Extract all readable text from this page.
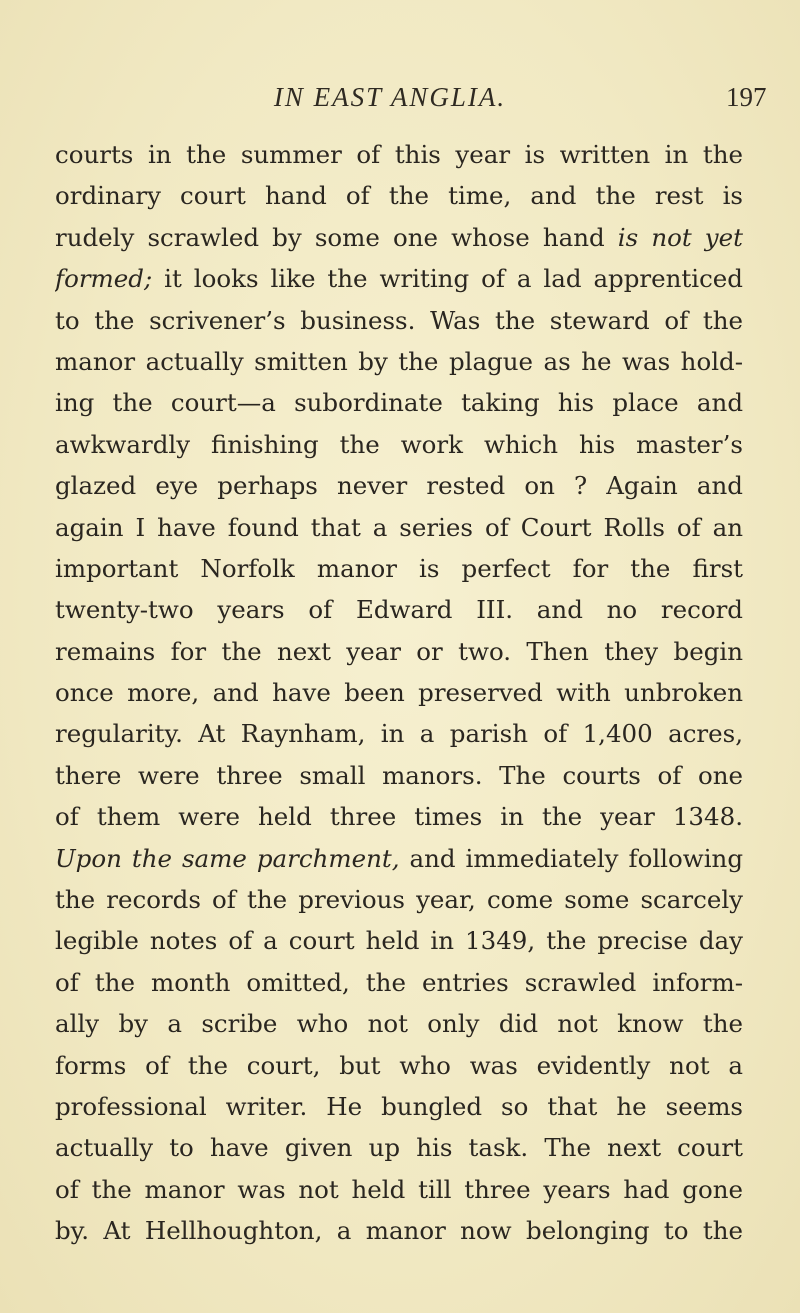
IN EAST ANGLIA.	197
courts in the summer of this year is written in the
ordinary court hand of the time, and the rest is
rudely scrawled by some one whose hand is not yet
formed; it looks like the writing of a lad apprenticed
to the scrivener’s business. Was the steward of the
manor actually smitten by the plague as he was hold-
ing the court—a subordinate taking his place and
awkwardly finishing the work which his master’s
glazed eye perhaps never rested on ? Again and
again I have found that a series of Court Rolls of an
important Norfolk manor is perfect for the first
twenty-two years of Edward III. and no record
remains for the next year or two. Then they begin
once more, and have been preserved with unbroken
regularity. At Raynham, in a parish of 1,400 acres,
there were three small manors. The courts of one
of them were held three times in the year 1348.
Upon the same parchment, and immediately following
the records of the previous year, come some scarcely
legible notes of a court held in 1349, the precise day
of the month omitted, the entries scrawled inform-
ally by a scribe who not only did not know the
forms of the court, but who was evidently not a
professional writer. He bungled so that he seems
actually to have given up his task. The next court
of the manor was not held till three years had gone
by. At Hellhoughton, a manor now belonging to the
